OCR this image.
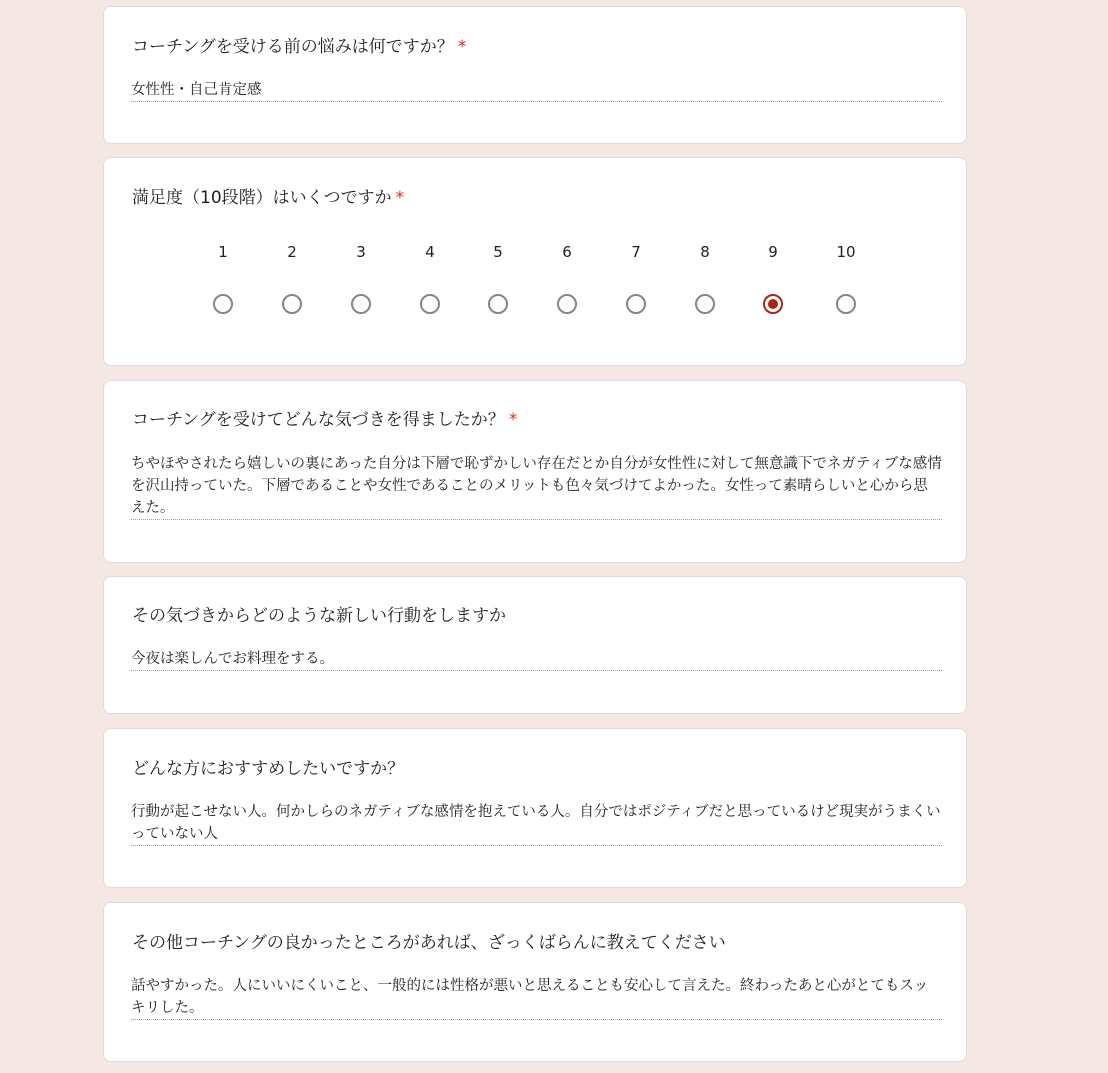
コーチングを受ける前の悩みは何ですか？ *
女性性・自己肯定感
満足度（10段階）はいくつですか *
1	2	3	4	5	6	7	8	9	10
コーチングを受けてどんな気づきを得ましたか？ *
ちやほやされたら嬉しいの裏にあった自分は下層で恥ずかしい存在だとか自分が女性性に対して無意識下でネガティブな感情を沢山持っていた。下層であることや女性であることのメリットも色々気づけてよかった。女性って素晴らしいと心から思えた。
その気づきからどのような新しい行動をしますか
今夜は楽しんでお料理をする。
どんな方におすすめしたいですか？
行動が起こせない人。何かしらのネガティブな感情を抱えている人。自分ではポジティブだと思っているけど現実がうまくいっていない人
その他コーチングの良かったところがあれば、ざっくばらんに教えてください
話やすかった。人にいいにくいこと、一般的には性格が悪いと思えることも安心して言えた。終わったあと心がとてもスッキリした。
